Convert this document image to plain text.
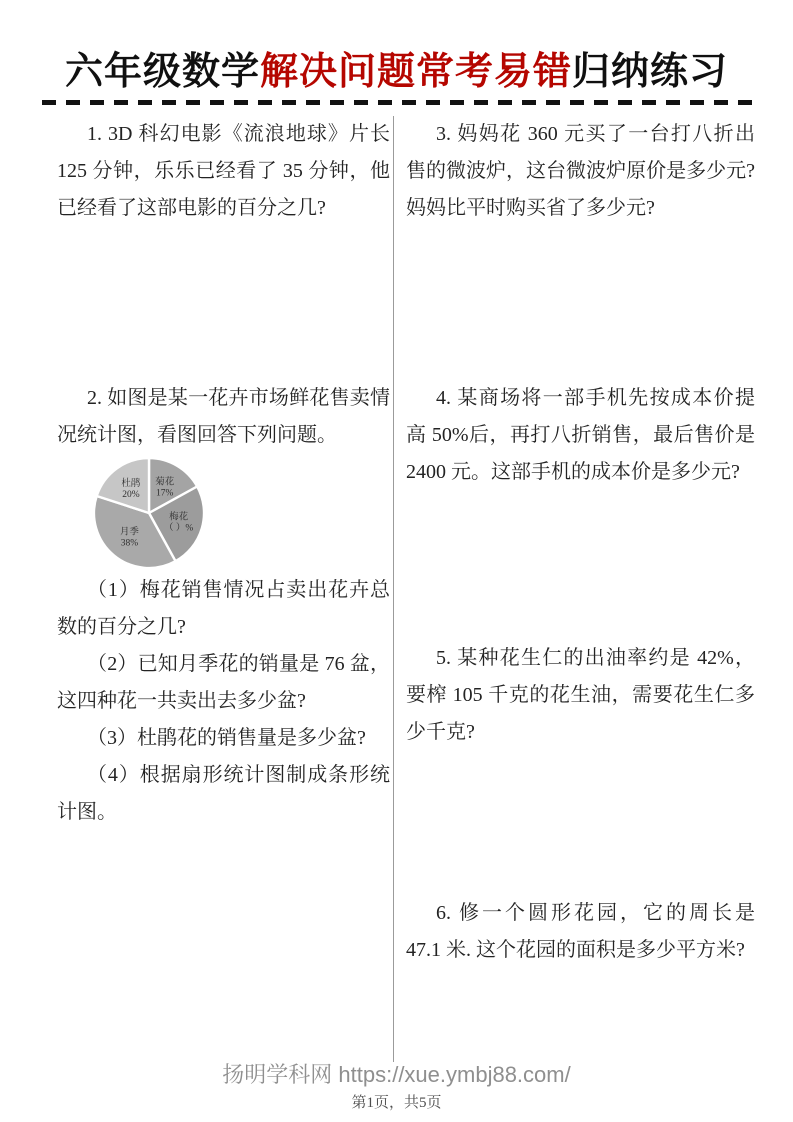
六年级数学解决问题常考易错归纳练习

1. 3D 科幻电影《流浪地球》片长 125 分钟，乐乐已经看了 35 分钟，他已经看了这部电影的百分之几?

2. 如图是某一花卉市场鲜花售卖情况统计图，看图回答下列问题。

菊花
17%
梅花
（ ）%
月季
38%
杜鹃
20%

（1）梅花销售情况占卖出花卉总数的百分之几?

（2）已知月季花的销量是 76 盆，这四种花一共卖出去多少盆?

（3）杜鹃花的销售量是多少盆?

（4）根据扇形统计图制成条形统计图。

3. 妈妈花 360 元买了一台打八折出售的微波炉，这台微波炉原价是多少元? 妈妈比平时购买省了多少元?

4. 某商场将一部手机先按成本价提高 50%后，再打八折销售，最后售价是 2400 元。这部手机的成本价是多少元?

5. 某种花生仁的出油率约是 42%，要榨 105 千克的花生油，需要花生仁多少千克?

6. 修一个圆形花园，它的周长是 47.1 米. 这个花园的面积是多少平方米?

扬明学科网 https://xue.ymbj88.com/
第1页，共5页
